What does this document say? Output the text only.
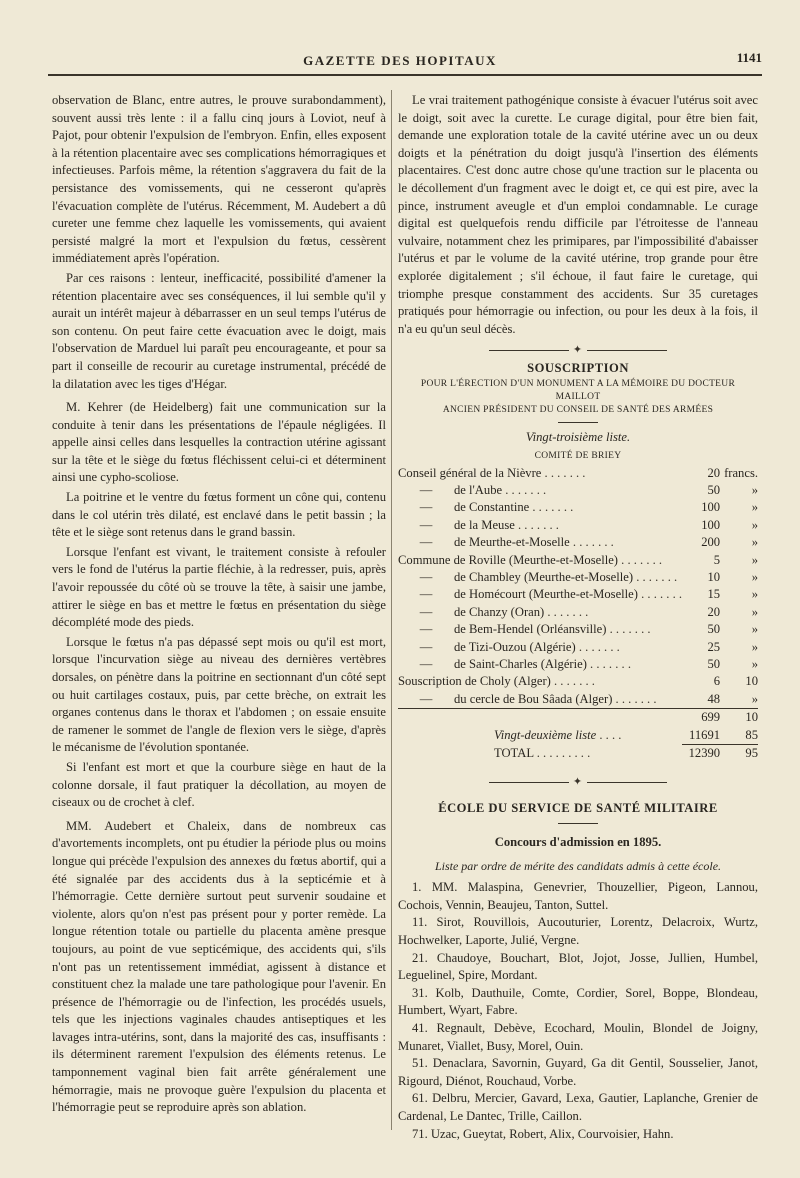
GAZETTE DES HOPITAUX	1141

observation de Blanc, entre autres, le prouve surabondamment), souvent aussi très lente : il a fallu cinq jours à Loviot, neuf à Pajot, pour obtenir l'expulsion de l'embryon. Enfin, elles exposent à la rétention placentaire avec ses complications hémorragiques et infectieuses. Parfois même, la rétention s'aggravera du fait de la persistance des vomissements, qui ne cesseront qu'après l'évacuation complète de l'utérus. Récemment, M. Audebert a dû cureter une femme chez laquelle les vomissements, qui avaient persisté malgré la mort et l'expulsion du fœtus, cessèrent immédiatement après l'opération.

Par ces raisons : lenteur, inefficacité, possibilité d'amener la rétention placentaire avec ses conséquences, il lui semble qu'il y aurait un intérêt majeur à débarrasser en un seul temps l'utérus de son contenu. On peut faire cette évacuation avec le doigt, mais l'observation de Marduel lui paraît peu encourageante, et pour sa part il conseille de recourir au curetage instrumental, précédé de la dilatation avec les tiges d'Hégar.

M. Kehrer (de Heidelberg) fait une communication sur la conduite à tenir dans les présentations de l'épaule négligées. Il appelle ainsi celles dans lesquelles la contraction utérine agissant sur la tête et le siège du fœtus fléchissent celui-ci et déterminent ainsi une cypho-scoliose.

La poitrine et le ventre du fœtus forment un cône qui, contenu dans le col utérin très dilaté, est enclavé dans le petit bassin ; la tête et le siège sont retenus dans le grand bassin.

Lorsque l'enfant est vivant, le traitement consiste à refouler vers le fond de l'utérus la partie fléchie, à la redresser, puis, après l'avoir repoussée du côté où se trouve la tête, à saisir une jambe, attirer le siège en bas et mettre le fœtus en présentation du siège décomplété mode des pieds.

Lorsque le fœtus n'a pas dépassé sept mois ou qu'il est mort, lorsque l'incurvation siège au niveau des dernières vertèbres dorsales, on pénètre dans la poitrine en sectionnant d'un côté sept ou huit cartilages costaux, puis, par cette brèche, on extrait les organes contenus dans le thorax et l'abdomen ; on essaie ensuite de ramener le sommet de l'angle de flexion vers le siège, d'après le mécanisme de l'évolution spontanée.

Si l'enfant est mort et que la courbure siège en haut de la colonne dorsale, il faut pratiquer la décollation, au moyen de ciseaux ou de crochet à clef.

MM. Audebert et Chaleix, dans de nombreux cas d'avortements incomplets, ont pu étudier la période plus ou moins longue qui précède l'expulsion des annexes du fœtus abortif, qui a été signalée par des accidents dus à la septicémie et à l'hémorragie. Cette dernière surtout peut survenir soudaine et violente, alors qu'on n'est pas présent pour y porter remède. La longue rétention totale ou partielle du placenta amène presque toujours, au point de vue septicémique, des accidents qui, s'ils n'ont pas un retentissement immédiat, agissent à distance et constituent chez la malade une tare pathologique pour l'avenir. En présence de l'hémorragie ou de l'infection, les procédés usuels, tels que les injections vaginales chaudes antiseptiques et les lavages intra-utérins, sont, dans la majorité des cas, insuffisants : ils déterminent rarement l'expulsion des éléments retenus. Le tamponnement vaginal bien fait arrête généralement une hémorragie, mais ne provoque guère l'expulsion du placenta et l'hémorragie peut se reproduire après son ablation.

Le vrai traitement pathogénique consiste à évacuer l'utérus soit avec le doigt, soit avec la curette. Le curage digital, pour être bien fait, demande une exploration totale de la cavité utérine avec un ou deux doigts et la pénétration du doigt jusqu'à l'insertion des éléments placentaires. C'est donc autre chose qu'une traction sur le placenta ou le décollement d'un fragment avec le doigt et, ce qui est pire, avec la pince, instrument aveugle et d'un emploi condamnable. Le curage digital est quelquefois rendu difficile par l'étroitesse de l'anneau vulvaire, notamment chez les primipares, par l'impossibilité d'abaisser l'utérus et par le volume de la cavité utérine, trop grande pour être explorée digitalement ; s'il échoue, il faut faire le curetage, qui triomphe presque constamment des accidents. Sur 35 curetages pratiqués pour hémorragie ou infection, ou pour les deux à la fois, il n'a eu qu'un seul décès.

✦
SOUSCRIPTION
POUR L'ÉRECTION D'UN MONUMENT A LA MÉMOIRE DU DOCTEUR MAILLOT
ANCIEN PRÉSIDENT DU CONSEIL DE SANTÉ DES ARMÉES
Vingt-troisième liste.
COMITÉ DE BRIEY
Conseil général de la Nièvre . . . . . . .	20	francs.
— de l'Aube . . . . . . .	50	»
— de Constantine . . . . . . .	100	»
— de la Meuse . . . . . . .	100	»
— de Meurthe-et-Moselle . . . . . . .	200	»
Commune de Roville (Meurthe-et-Moselle) . . . . . . .	5	»
— de Chambley (Meurthe-et-Moselle) . . . . . . .	10	»
— de Homécourt (Meurthe-et-Moselle) . . . . . . .	15	»
— de Chanzy (Oran) . . . . . . .	20	»
— de Bem-Hendel (Orléansville) . . . . . . .	50	»
— de Tizi-Ouzou (Algérie) . . . . . . .	25	»
— de Saint-Charles (Algérie) . . . . . . .	50	»
Souscription de Choly (Alger) . . . . . . .	6	10
— du cercle de Bou Sâada (Alger) . . . . . . .	48	»
	699	10
Vingt-deuxième liste . . . .	11691	85
TOTAL . . . . . . . . .	12390	95
✦
ÉCOLE DU SERVICE DE SANTÉ MILITAIRE
Concours d'admission en 1895.
Liste par ordre de mérite des candidats admis à cette école.

1. MM. Malaspina, Genevrier, Thouzellier, Pigeon, Lannou, Cochois, Vennin, Beaujeu, Tanton, Suttel.

11. Sirot, Rouvillois, Aucouturier, Lorentz, Delacroix, Wurtz, Hochwelker, Laporte, Julié, Vergne.

21. Chaudoye, Bouchart, Blot, Jojot, Josse, Jullien, Humbel, Leguelinel, Spire, Mordant.

31. Kolb, Dauthuile, Comte, Cordier, Sorel, Boppe, Blondeau, Humbert, Wyart, Fabre.

41. Regnault, Debève, Ecochard, Moulin, Blondel de Joigny, Munaret, Viallet, Busy, Morel, Ouin.

51. Denaclara, Savornin, Guyard, Ga dit Gentil, Sousselier, Janot, Rigourd, Diénot, Rouchaud, Vorbe.

61. Delbru, Mercier, Gavard, Lexa, Gautier, Laplanche, Grenier de Cardenal, Le Dantec, Trille, Caillon.

71. Uzac, Gueytat, Robert, Alix, Courvoisier, Hahn.
